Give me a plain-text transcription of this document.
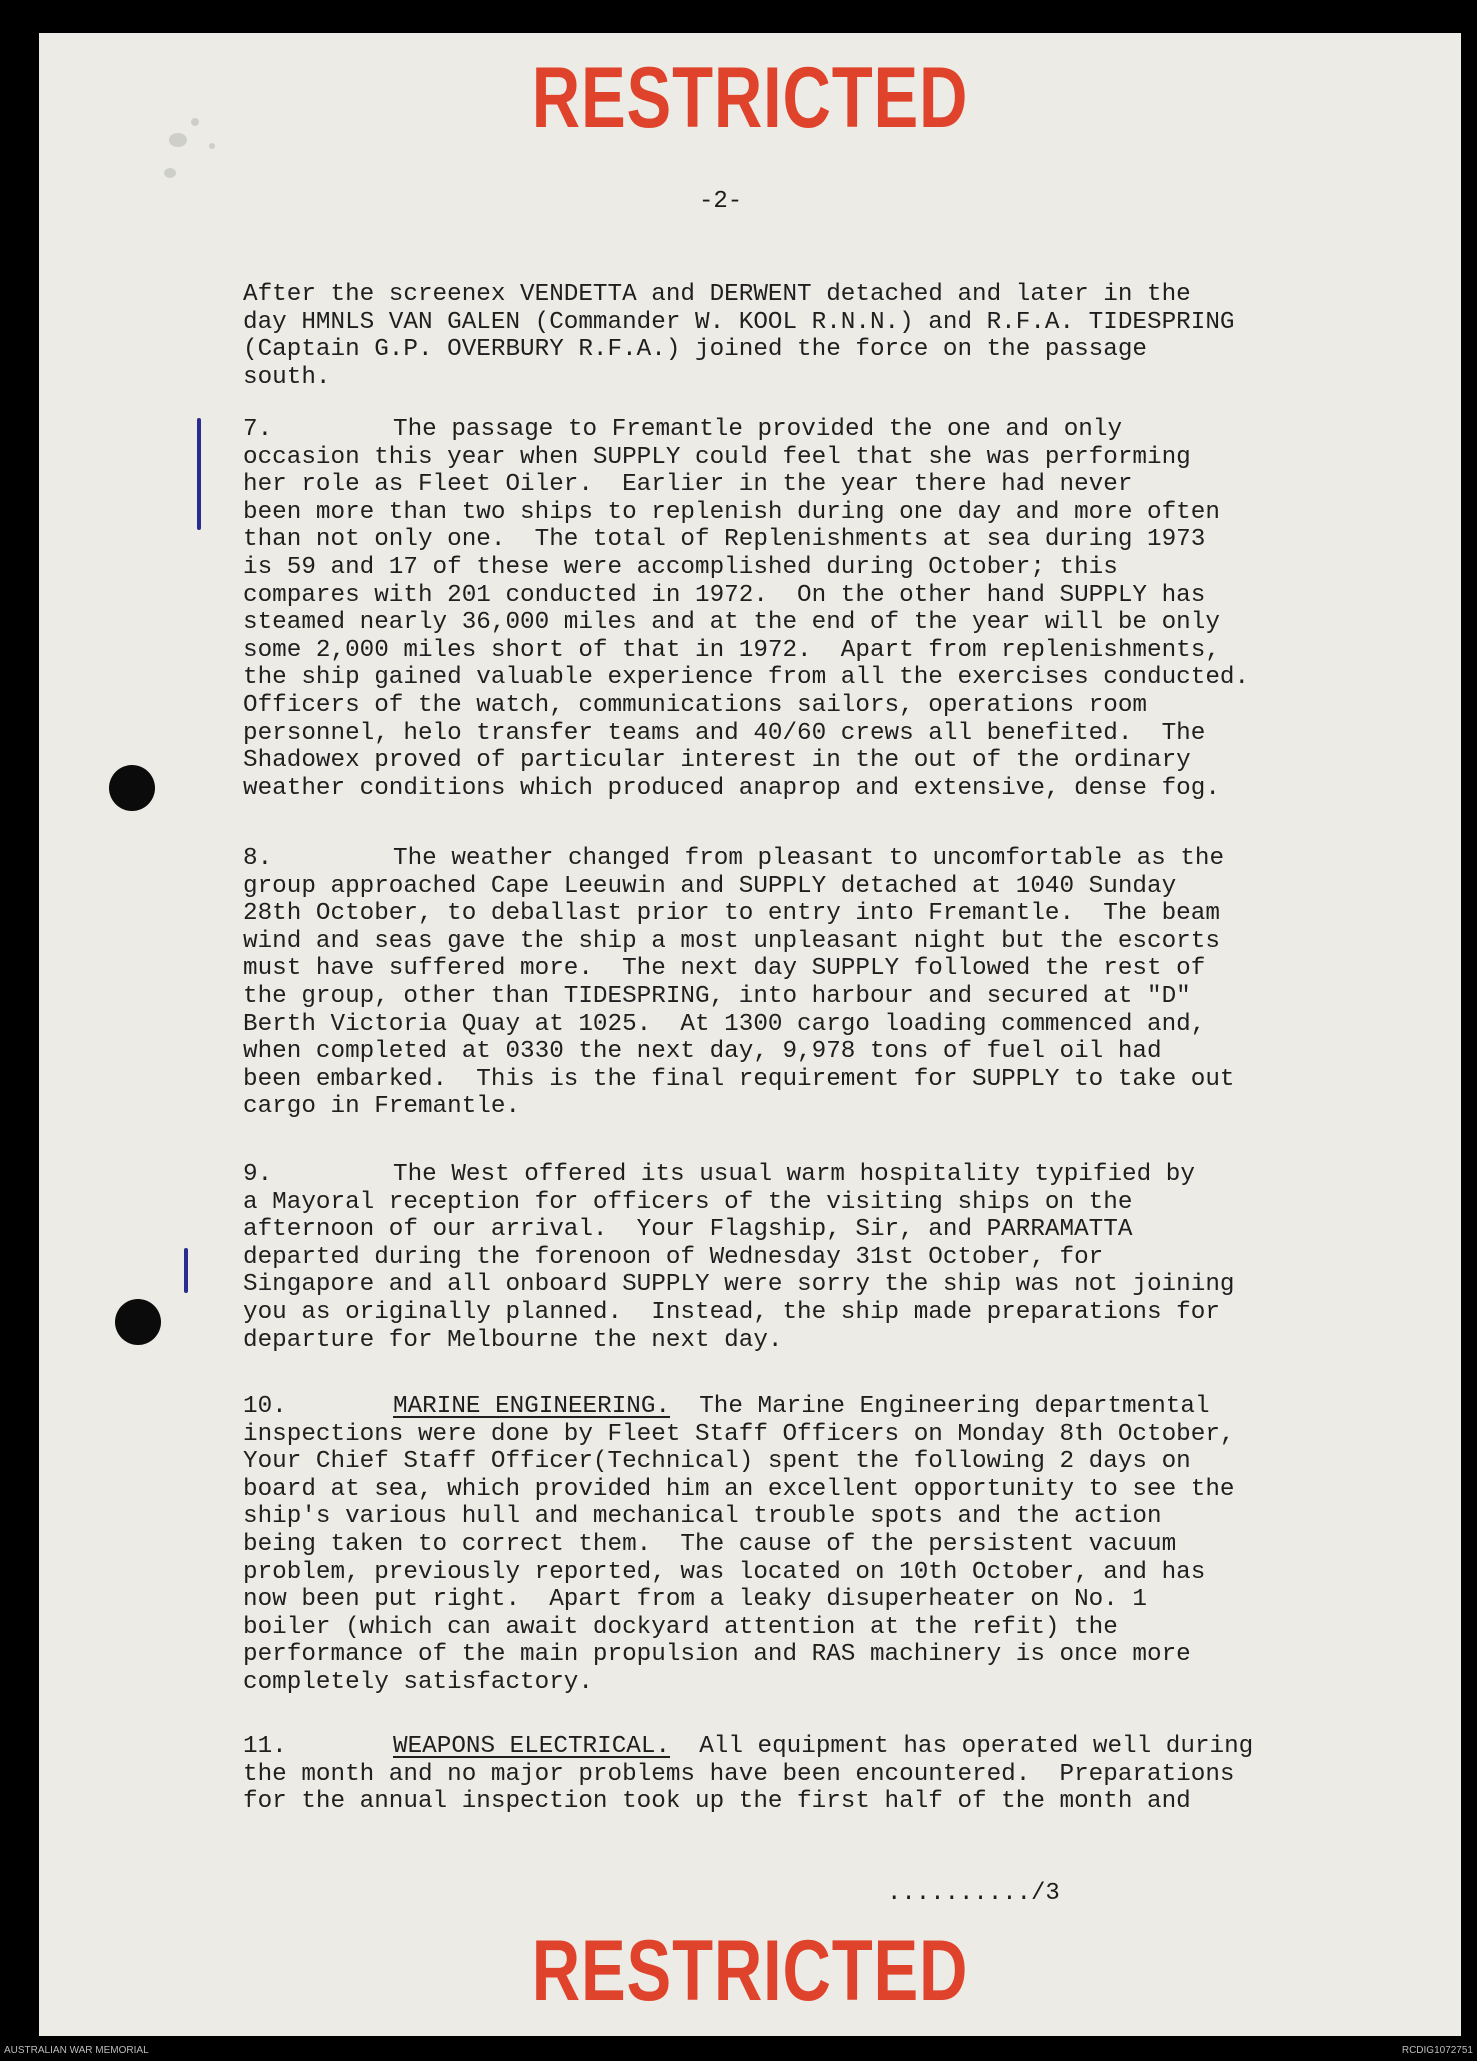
RESTRICTED
-2-
After the screenex VENDETTA and DERWENT detached and later in the
day HMNLS VAN GALEN (Commander W. KOOL R.N.N.) and R.F.A. TIDESPRING
(Captain G.P. OVERBURY R.F.A.) joined the force on the passage
south.
7.	The passage to Fremantle provided the one and only
occasion this year when SUPPLY could feel that she was performing
her role as Fleet Oiler.  Earlier in the year there had never
been more than two ships to replenish during one day and more often
than not only one.  The total of Replenishments at sea during 1973
is 59 and 17 of these were accomplished during October; this
compares with 201 conducted in 1972.  On the other hand SUPPLY has
steamed nearly 36,000 miles and at the end of the year will be only
some 2,000 miles short of that in 1972.  Apart from replenishments,
the ship gained valuable experience from all the exercises conducted.
Officers of the watch, communications sailors, operations room
personnel, helo transfer teams and 40/60 crews all benefited.  The
Shadowex proved of particular interest in the out of the ordinary
weather conditions which produced anaprop and extensive, dense fog.
8.	The weather changed from pleasant to uncomfortable as the
group approached Cape Leeuwin and SUPPLY detached at 1040 Sunday
28th October, to deballast prior to entry into Fremantle.  The beam
wind and seas gave the ship a most unpleasant night but the escorts
must have suffered more.  The next day SUPPLY followed the rest of
the group, other than TIDESPRING, into harbour and secured at "D"
Berth Victoria Quay at 1025.  At 1300 cargo loading commenced and,
when completed at 0330 the next day, 9,978 tons of fuel oil had
been embarked.  This is the final requirement for SUPPLY to take out
cargo in Fremantle.
9.	The West offered its usual warm hospitality typified by
a Mayoral reception for officers of the visiting ships on the
afternoon of our arrival.  Your Flagship, Sir, and PARRAMATTA
departed during the forenoon of Wednesday 31st October, for
Singapore and all onboard SUPPLY were sorry the ship was not joining
you as originally planned.  Instead, the ship made preparations for
departure for Melbourne the next day.
10.	MARINE ENGINEERING. The Marine Engineering departmental
inspections were done by Fleet Staff Officers on Monday 8th October,
Your Chief Staff Officer(Technical) spent the following 2 days on
board at sea, which provided him an excellent opportunity to see the
ship's various hull and mechanical trouble spots and the action
being taken to correct them.  The cause of the persistent vacuum
problem, previously reported, was located on 10th October, and has
now been put right.  Apart from a leaky disuperheater on No. 1
boiler (which can await dockyard attention at the refit) the
performance of the main propulsion and RAS machinery is once more
completely satisfactory.
11.	WEAPONS ELECTRICAL. All equipment has operated well during
the month and no major problems have been encountered.  Preparations
for the annual inspection took up the first half of the month and
........../3
RESTRICTED
AUSTRALIAN WAR MEMORIAL	RCDIG1072751
